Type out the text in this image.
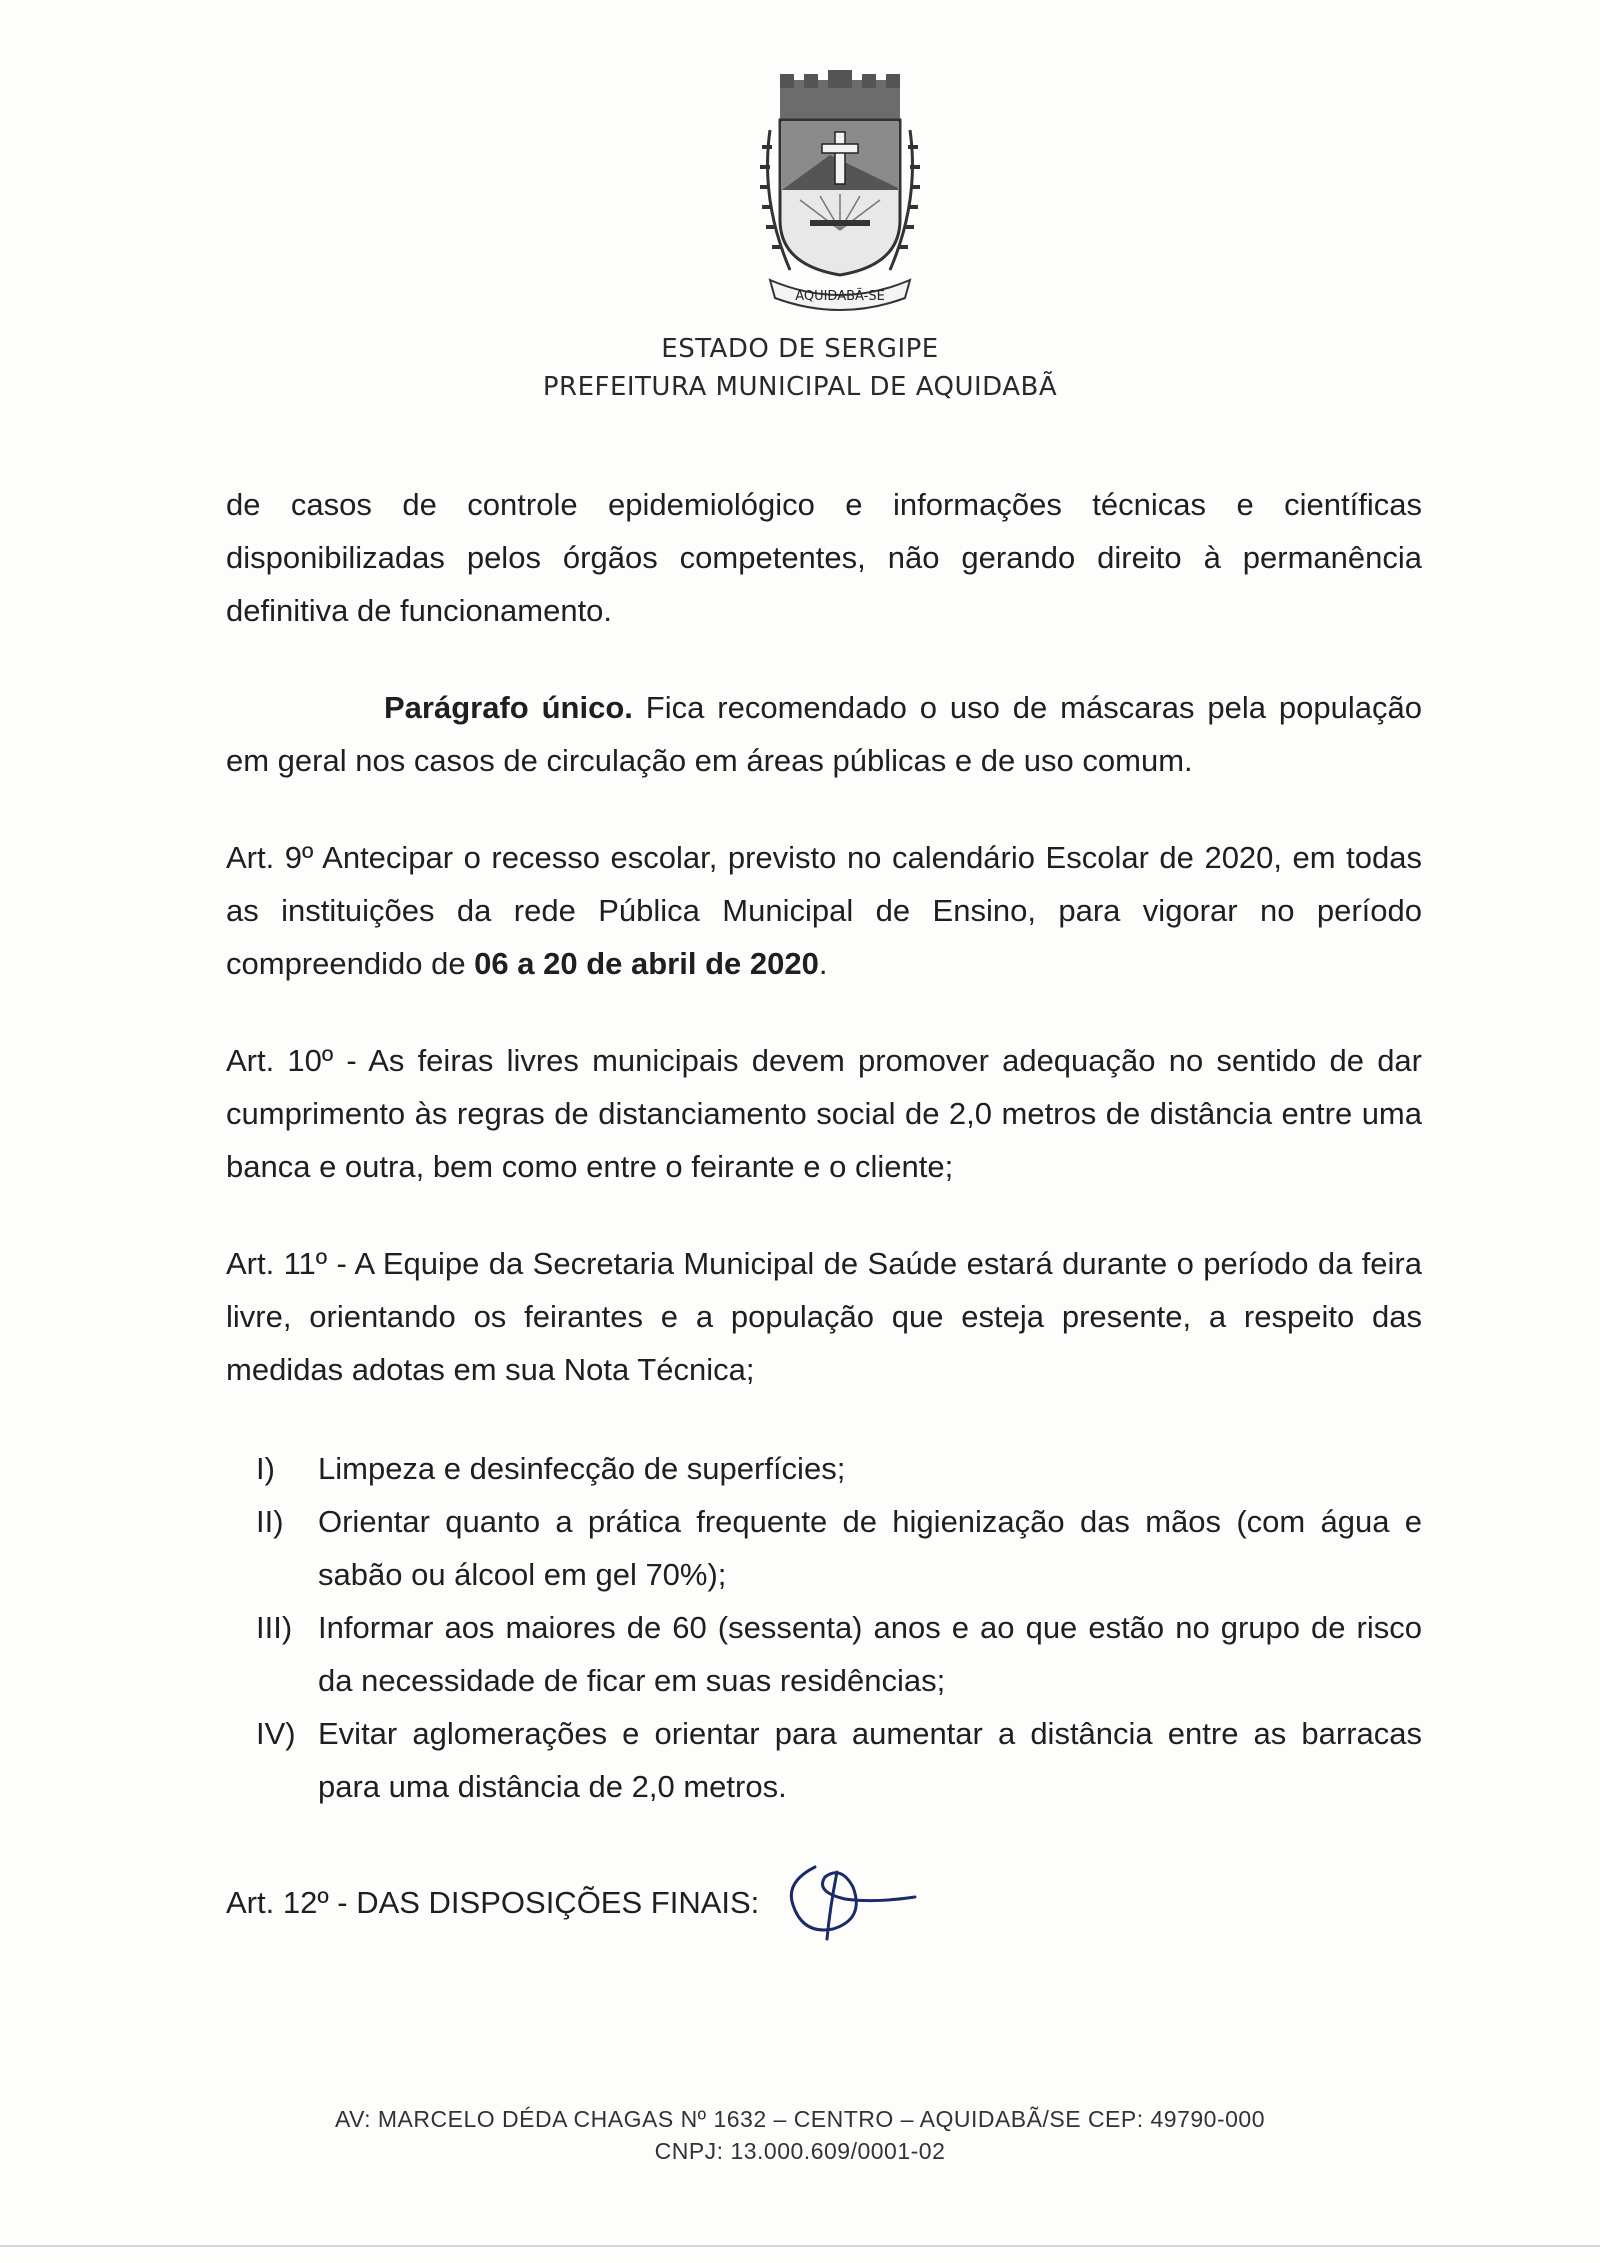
AQUIDABÃ-SE
ESTADO DE SERGIPE
PREFEITURA MUNICIPAL DE AQUIDABÃ

de casos de controle epidemiológico e informações técnicas e científicas disponibilizadas pelos órgãos competentes, não gerando direito à permanência definitiva de funcionamento.

Parágrafo único. Fica recomendado o uso de máscaras pela população em geral nos casos de circulação em áreas públicas e de uso comum.

Art. 9º Antecipar o recesso escolar, previsto no calendário Escolar de 2020, em todas as instituições da rede Pública Municipal de Ensino, para vigorar no período compreendido de 06 a 20 de abril de 2020.

Art. 10º - As feiras livres municipais devem promover adequação no sentido de dar cumprimento às regras de distanciamento social de 2,0 metros de distância entre uma banca e outra, bem como entre o feirante e o cliente;

Art. 11º - A Equipe da Secretaria Municipal de Saúde estará durante o período da feira livre, orientando os feirantes e a população que esteja presente, a respeito das medidas adotas em sua Nota Técnica;

I)	Limpeza e desinfecção de superfícies;
II)	Orientar quanto a prática frequente de higienização das mãos (com água e sabão ou álcool em gel 70%);
III) Informar aos maiores de 60 (sessenta) anos e ao que estão no grupo de risco da necessidade de ficar em suas residências;
IV) Evitar aglomerações e orientar para aumentar a distância entre as barracas para uma distância de 2,0 metros.
Art. 12º - DAS DISPOSIÇÕES FINAIS:
AV: MARCELO DÉDA CHAGAS Nº 1632 – CENTRO – AQUIDABÃ/SE CEP: 49790-000
CNPJ: 13.000.609/0001-02
